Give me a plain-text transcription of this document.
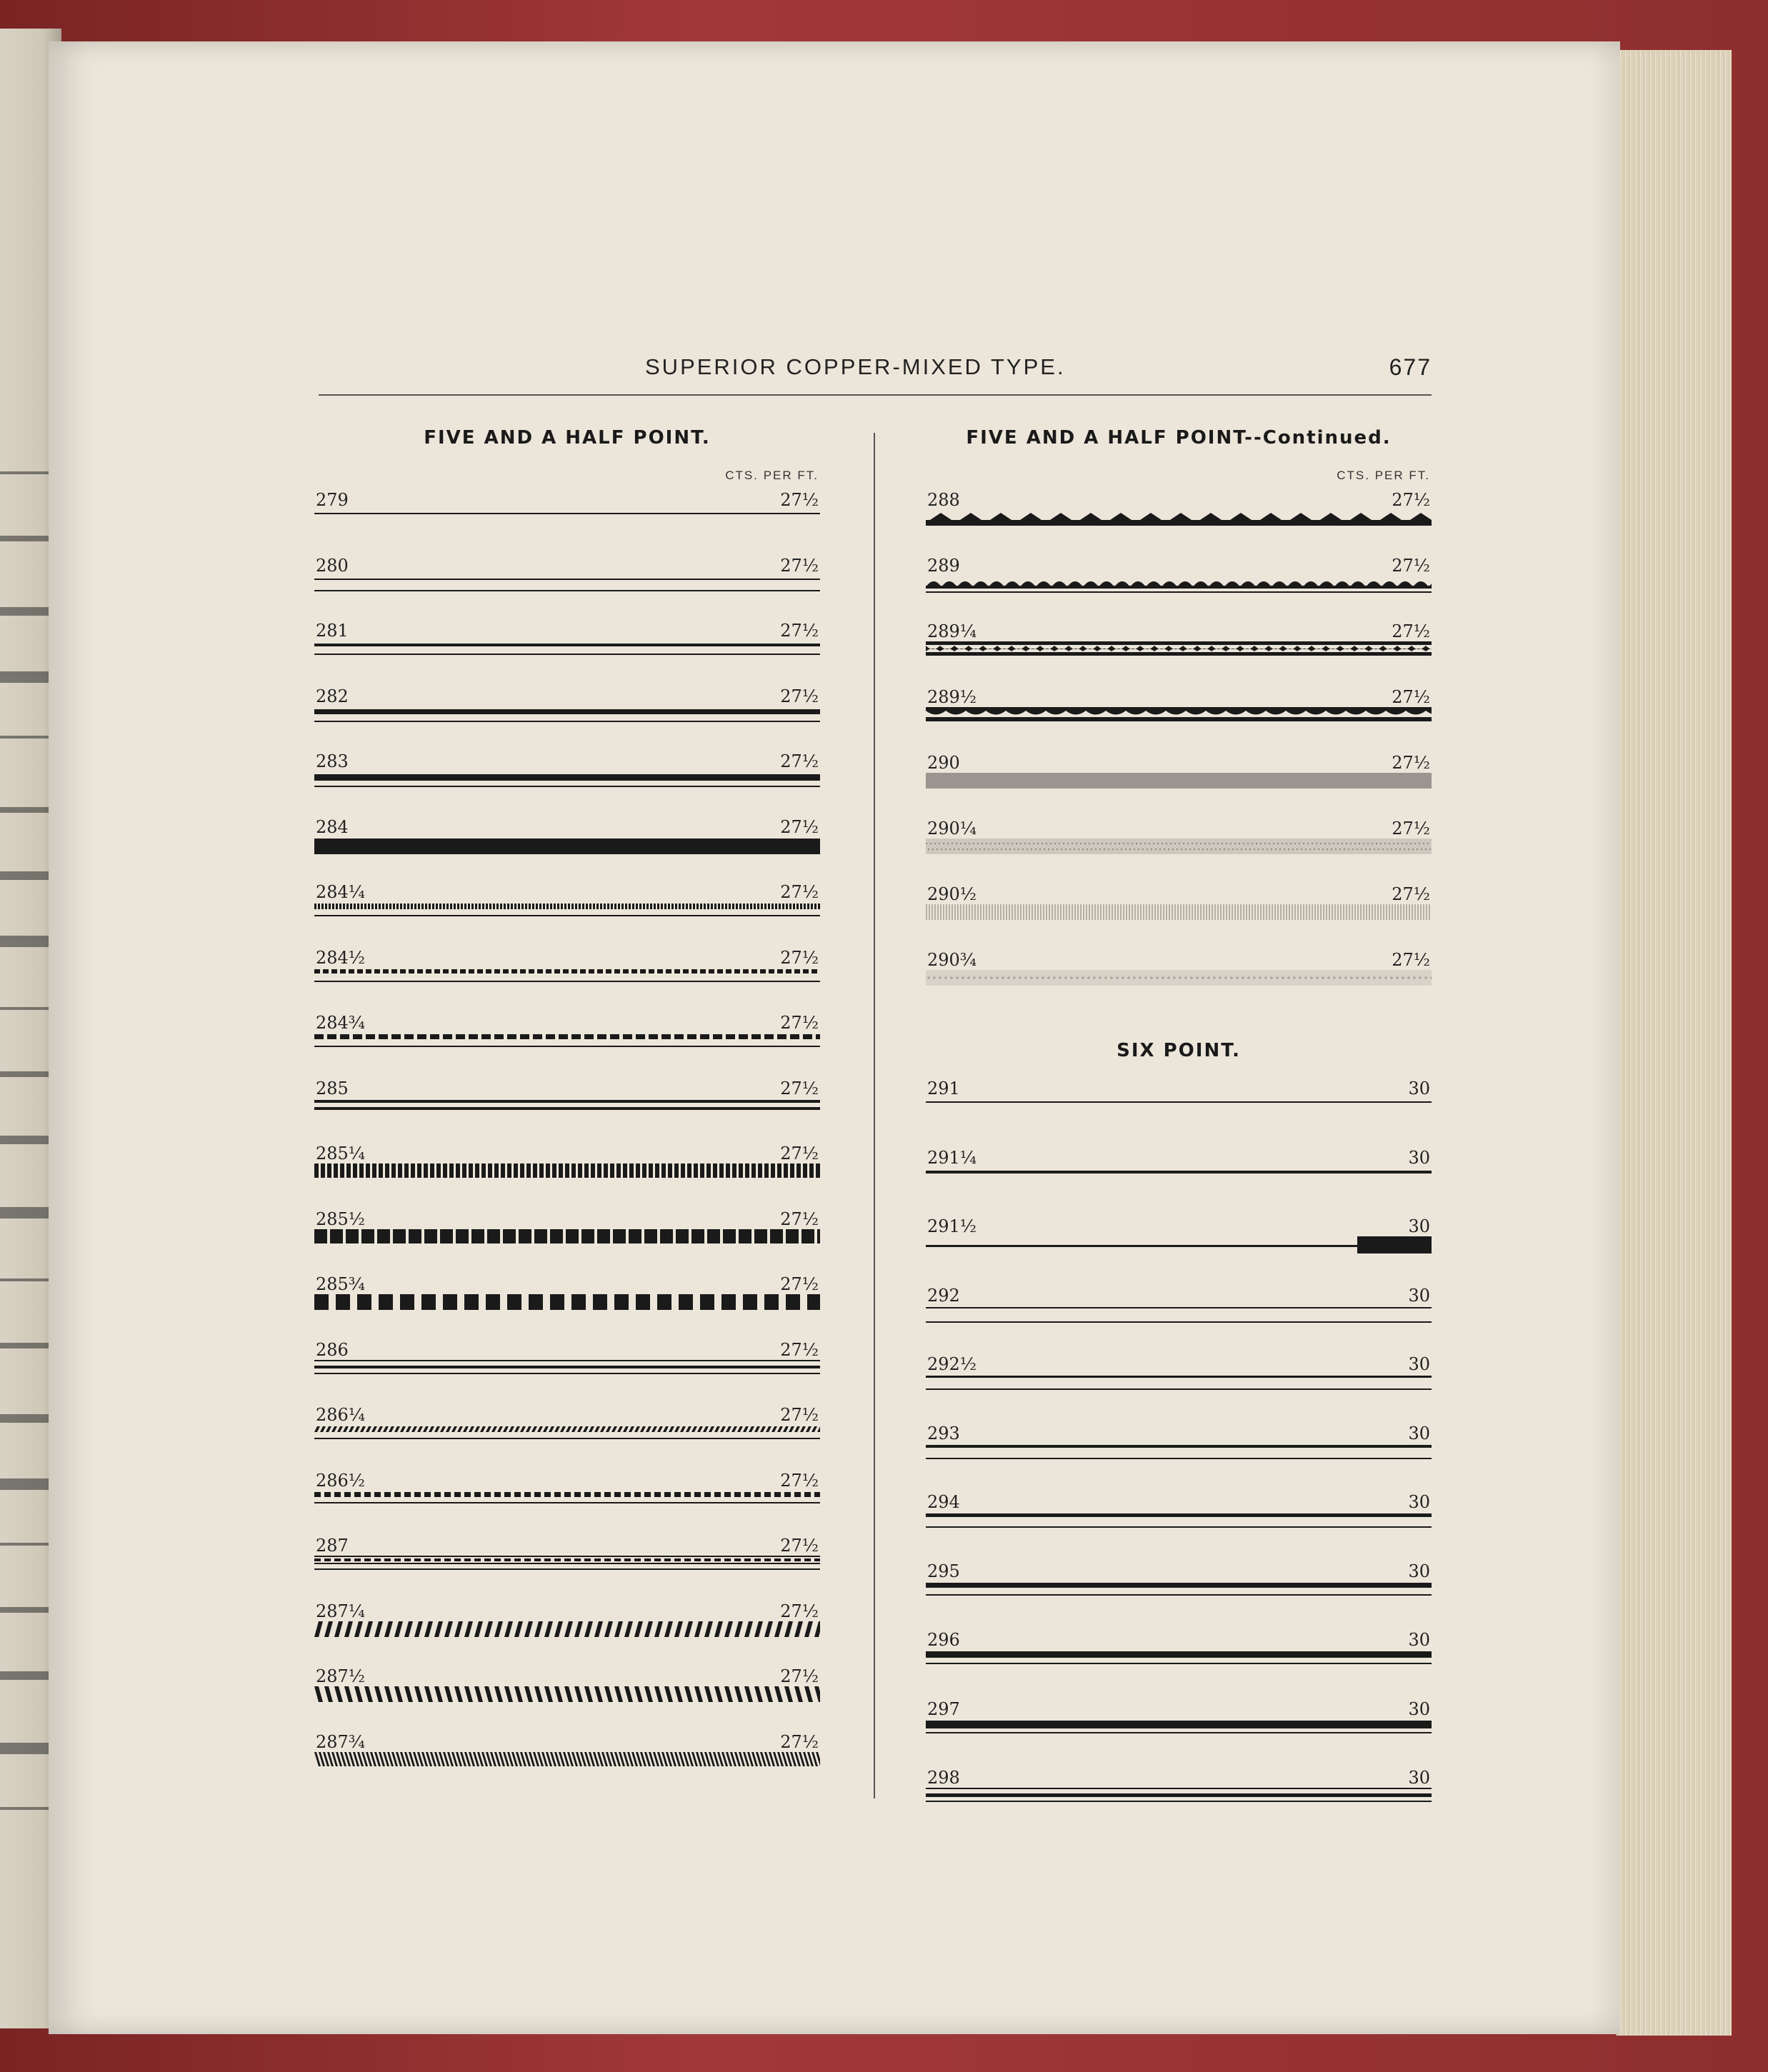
SUPERIOR COPPER-MIXED TYPE.	677
FIVE AND A HALF POINT.
CTS. PER FT.
279	27½
280	27½
281	27½
282	27½
283	27½
284	27½
284¼	27½
284½	27½
284¾	27½
285	27½
285¼	27½
285½	27½
285¾	27½
286	27½
286¼	27½
286½	27½
287	27½
287¼	27½
287½	27½
287¾	27½
FIVE AND A HALF POINT--Continued.
CTS. PER FT.
288	27½
289	27½
289¼	27½
289½	27½
290	27½
290¼	27½
290½	27½
290¾	27½
SIX POINT.
291	30
291¼	30
291½	30
292	30
292½	30
293	30
294	30
295	30
296	30
297	30
298	30
